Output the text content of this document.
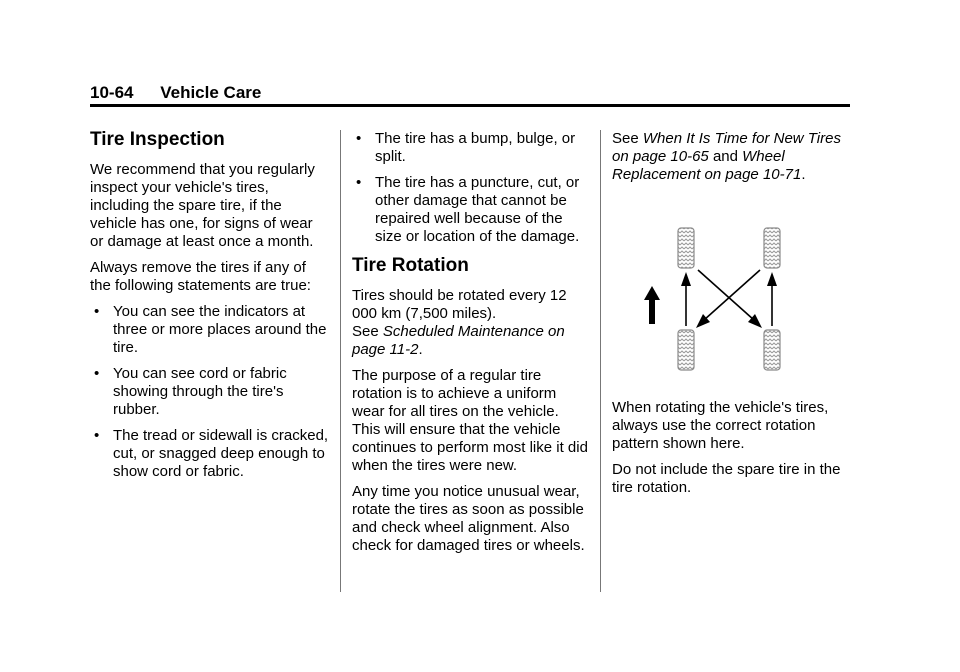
10-64 Vehicle Care
Tire Inspection

We recommend that you regularly inspect your vehicle's tires, including the spare tire, if the vehicle has one, for signs of wear or damage at least once a month.

Always remove the tires if any of the following statements are true:

• You can see the indicators at three or more places around the tire.
• You can see cord or fabric showing through the tire's rubber.
• The tread or sidewall is cracked, cut, or snagged deep enough to show cord or fabric.
• The tire has a bump, bulge, or split.
• The tire has a puncture, cut, or other damage that cannot be repaired well because of the size or location of the damage.
Tire Rotation

Tires should be rotated every 12 000 km (7,500 miles).
See Scheduled Maintenance on page 11-2.

The purpose of a regular tire rotation is to achieve a uniform wear for all tires on the vehicle. This will ensure that the vehicle continues to perform most like it did when the tires were new.

Any time you notice unusual wear, rotate the tires as soon as possible and check wheel alignment. Also check for damaged tires or wheels.

See When It Is Time for New Tires on page 10-65 and Wheel Replacement on page 10-71.

When rotating the vehicle's tires, always use the correct rotation pattern shown here.

Do not include the spare tire in the tire rotation.
